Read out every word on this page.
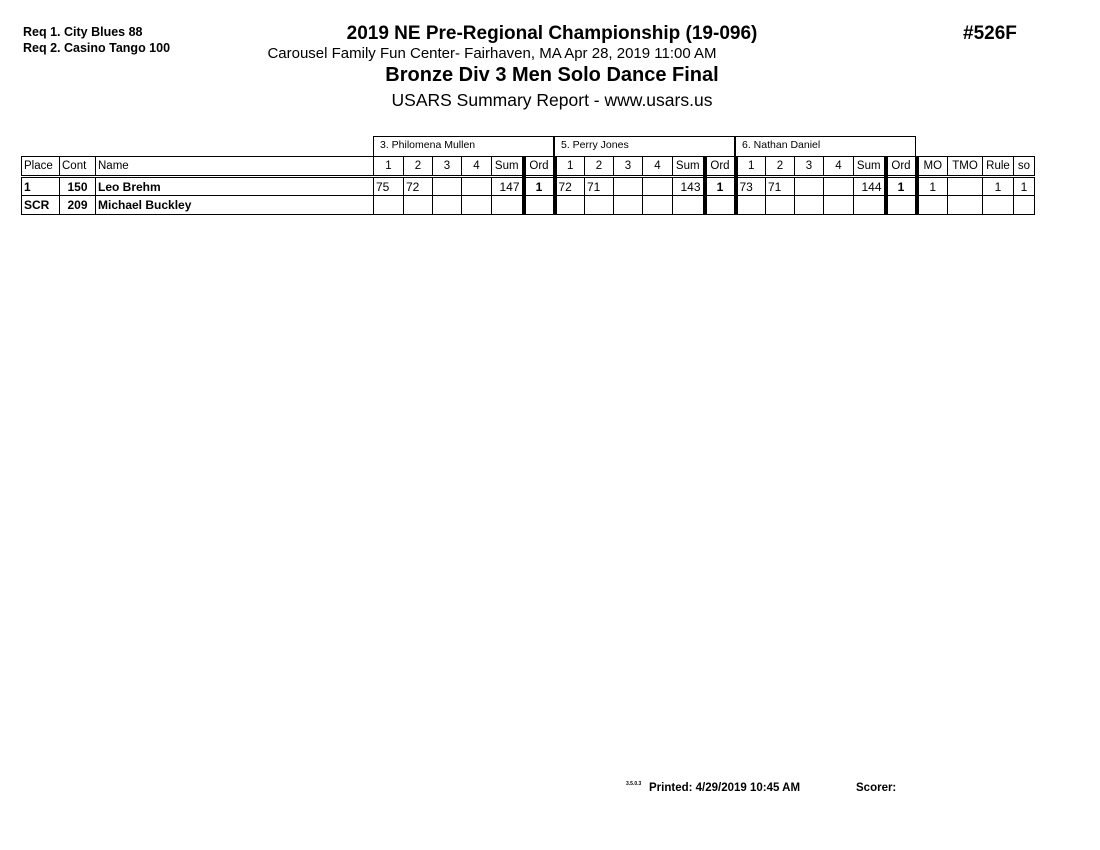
Req 1. City Blues 88
Req 2. Casino Tango 100
2019 NE Pre-Regional Championship (19-096)
Carousel Family Fun Center- Fairhaven, MA Apr 28, 2019 11:00 AM
Bronze Div 3 Men Solo Dance Final
USARS Summary Report - www.usars.us
#526F
3. Philomena Mullen	5. Perry Jones	6. Nathan Daniel
Place	Cont	Name	1	2	3	4	Sum	Ord	1	2	3	4	Sum	Ord	1	2	3	4	Sum	Ord	MO	TMO	Rule	so
1	150	Leo Brehm	75	72			147	1	72	71			143	1	73	71			144	1	1		1	1
SCR	209	Michael Buckley																						
3.5.0.3 Printed: 4/29/2019 10:45 AM	Scorer:
